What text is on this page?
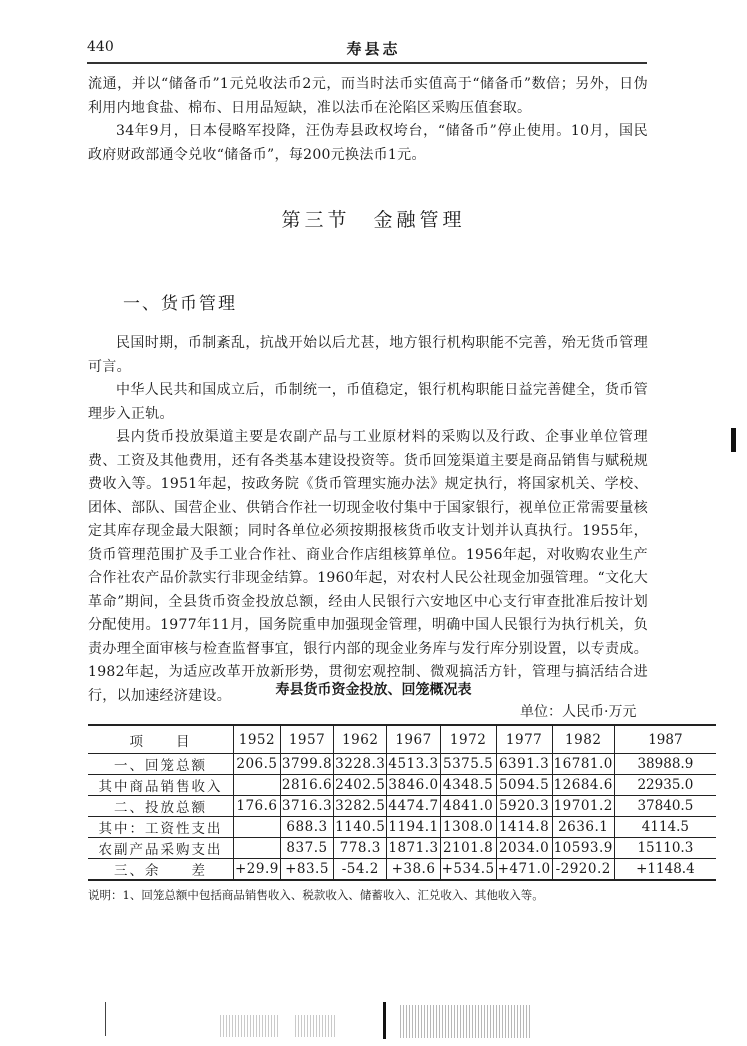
440	寿县志
流通，并以“储备币”1元兑收法币2元，而当时法币实值高于“储备币”数倍；另外，日伪利用内地食盐、棉布、日用品短缺，准以法币在沦陷区采购压值套取。
34年9月，日本侵略军投降，汪伪寿县政权垮台，“储备币”停止使用。10月，国民政府财政部通令兑收“储备币”，每200元换法币1元。
第三节　金融管理
一、货币管理
民国时期，币制紊乱，抗战开始以后尤甚，地方银行机构职能不完善，殆无货币管理可言。
中华人民共和国成立后，币制统一，币值稳定，银行机构职能日益完善健全，货币管理步入正轨。
县内货币投放渠道主要是农副产品与工业原材料的采购以及行政、企事业单位管理费、工资及其他费用，还有各类基本建设投资等。货币回笼渠道主要是商品销售与赋税规费收入等。1951年起，按政务院《货币管理实施办法》规定执行，将国家机关、学校、团体、部队、国营企业、供销合作社一切现金收付集中于国家银行，视单位正常需要量核定其库存现金最大限额；同时各单位必须按期报核货币收支计划并认真执行。1955年，货币管理范围扩及手工业合作社、商业合作店组核算单位。1956年起，对收购农业生产合作社农产品价款实行非现金结算。1960年起，对农村人民公社现金加强管理。“文化大革命”期间，全县货币资金投放总额，经由人民银行六安地区中心支行审查批准后按计划分配使用。1977年11月，国务院重申加强现金管理，明确中国人民银行为执行机关，负责办理全面审核与检查监督事宜，银行内部的现金业务库与发行库分别设置，以专责成。1982年起，为适应改革开放新形势，贯彻宏观控制、微观搞活方针，管理与搞活结合进行，以加速经济建设。	寿县货币资金投放、回笼概况表
单位：人民币·万元
项　　目	1952	1957	1962	1967	1972	1977	1982	1987
一、回笼总额	206.5	3799.8	3228.3	4513.3	5375.5	6391.3	16781.0	38988.9
其中商品销售收入		2816.6	2402.5	3846.0	4348.5	5094.5	12684.6	22935.0
二、投放总额	176.6	3716.3	3282.5	4474.7	4841.0	5920.3	19701.2	37840.5
其中：工资性支出		688.3	1140.5	1194.1	1308.0	1414.8	2636.1	4114.5
农副产品采购支出		837.5	778.3	1871.3	2101.8	2034.0	10593.9	15110.3
三、余　　差	+29.9	+83.5	-54.2	+38.6	+534.5	+471.0	-2920.2	+1148.4
说明：1、回笼总额中包括商品销售收入、税款收入、储蓄收入、汇兑收入、其他收入等。
